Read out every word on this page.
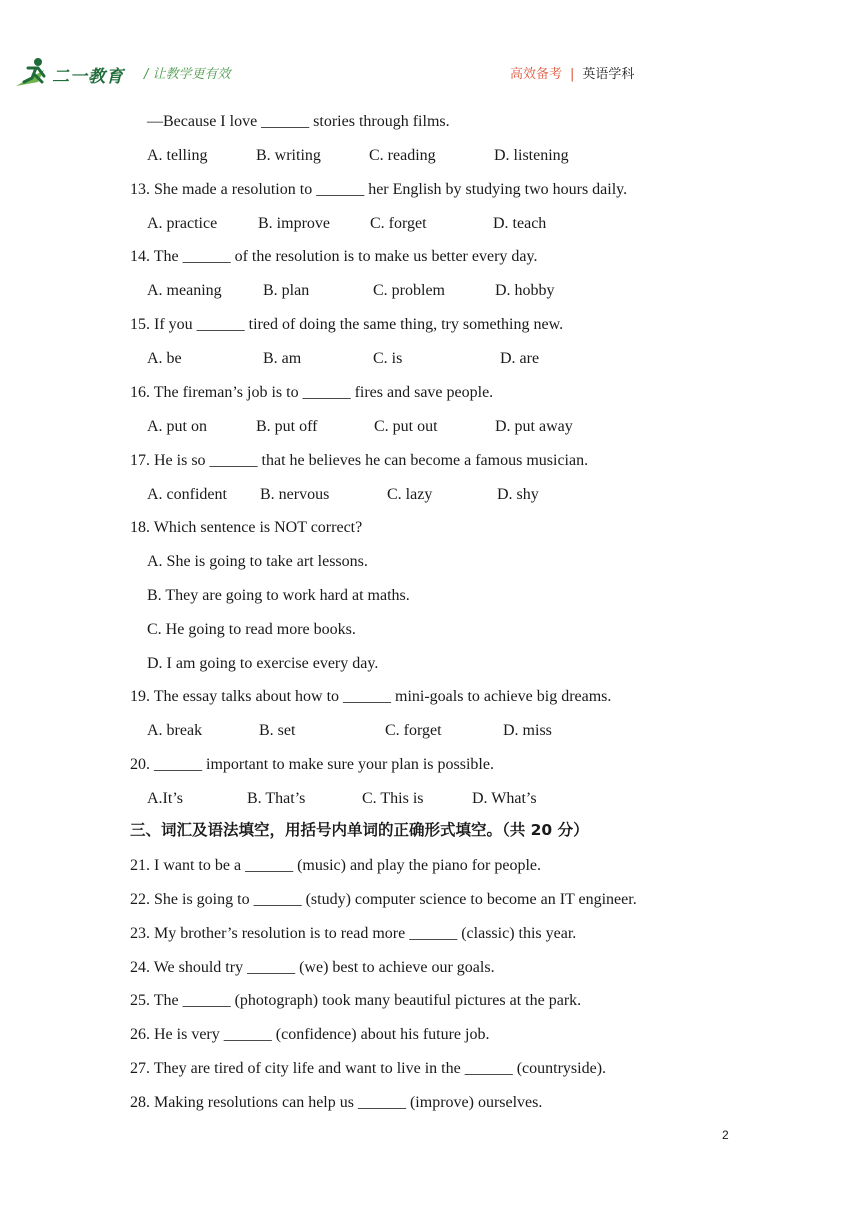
二一教育 / 让教学更有效	高效备考 | 英语学科
—Because I love ______ stories through films.
A. telling	B. writing	C. reading	D. listening
13. She made a resolution to ______ her English by studying two hours daily.
A. practice	B. improve	C. forget	D. teach
14. The ______ of the resolution is to make us better every day.
A. meaning	B. plan	C. problem	D. hobby
15. If you ______ tired of doing the same thing, try something new.
A. be	B. am	C. is	D. are
16. The fireman’s job is to ______ fires and save people.
A. put on	B. put off	C. put out	D. put away
17. He is so ______ that he believes he can become a famous musician.
A. confident B. nervous	C. lazy	D. shy
18. Which sentence is NOT correct?
A. She is going to take art lessons.
B. They are going to work hard at maths.
C. He going to read more books.
D. I am going to exercise every day.
19. The essay talks about how to ______ mini-goals to achieve big dreams.
A. break	B. set	C. forget	D. miss
20. ______ important to make sure your plan is possible.
A.It’s	B. That’s	C. This is	D. What’s
三、词汇及语法填空，用括号内单词的正确形式填空。（共 20 分）
21. I want to be a ______ (music) and play the piano for people.
22. She is going to ______ (study) computer science to become an IT engineer.
23. My brother’s resolution is to read more ______ (classic) this year.
24. We should try ______ (we) best to achieve our goals.
25. The ______ (photograph) took many beautiful pictures at the park.
26. He is very ______ (confidence) about his future job.
27. They are tired of city life and want to live in the ______ (countryside).
28. Making resolutions can help us ______ (improve) ourselves.
2
